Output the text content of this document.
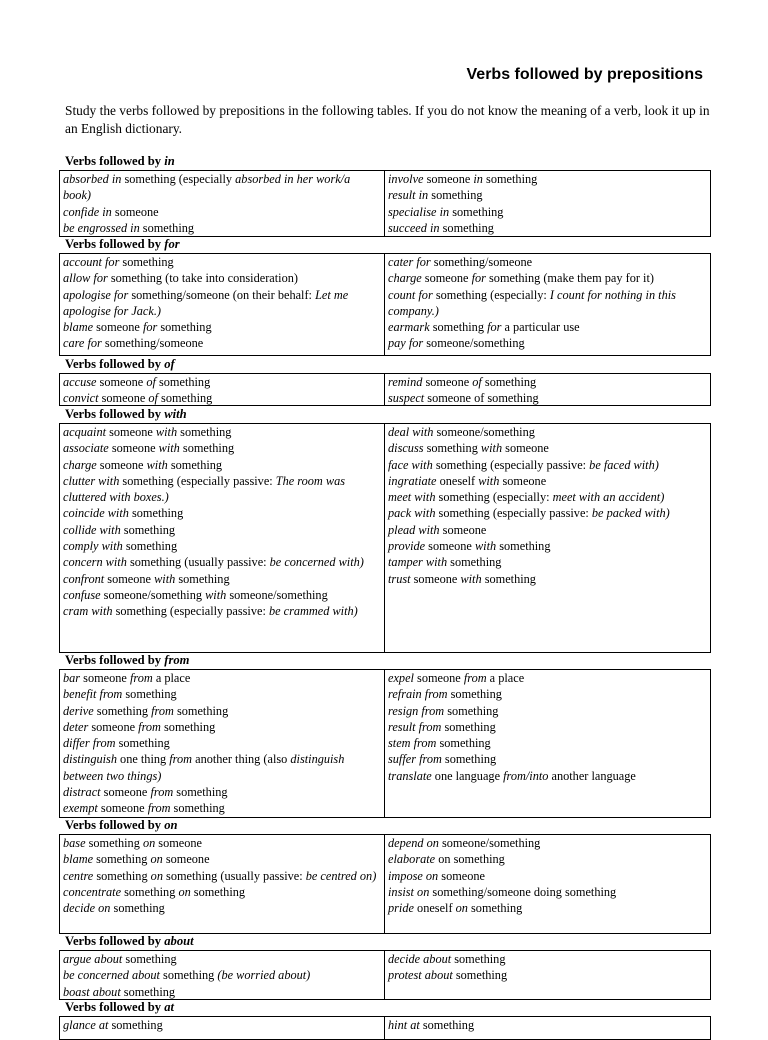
Verbs followed by prepositions
Study the verbs followed by prepositions in the following tables. If you do not know the meaning of a verb, look it up in an English dictionary.
Verbs followed by in
absorbed in something (especially absorbed in her work/a book)
confide in someone
be engrossed in something
involve someone in something
result in something
specialise in something
succeed in something
Verbs followed by for
account for something
allow for something (to take into consideration)
apologise for something/someone (on their behalf: Let me apologise for Jack.)
blame someone for something
care for something/someone
cater for something/someone
charge someone for something (make them pay for it)
count for something (especially: I count for nothing in this company.)
earmark something for a particular use
pay for someone/something
Verbs followed by of
accuse someone of something
convict someone of something
remind someone of something
suspect someone of something
Verbs followed by with
acquaint someone with something
associate someone with something
charge someone with something
clutter with something (especially passive: The room was cluttered with boxes.)
coincide with something
collide with something
comply with something
concern with something (usually passive: be concerned with)
confront someone with something
confuse someone/something with someone/something
cram with something (especially passive: be crammed with)
deal with someone/something
discuss something with someone
face with something (especially passive: be faced with)
ingratiate oneself with someone
meet with something (especially: meet with an accident)
pack with something (especially passive: be packed with)
plead with someone
provide someone with something
tamper with something
trust someone with something
Verbs followed by from
bar someone from a place
benefit from something
derive something from something
deter someone from something
differ from something
distinguish one thing from another thing (also distinguish between two things)
distract someone from something
exempt someone from something
expel someone from a place
refrain from something
resign from something
result from something
stem from something
suffer from something
translate one language from/into another language
Verbs followed by on
base something on someone
blame something on someone
centre something on something (usually passive: be centred on)
concentrate something on something
decide on something
depend on someone/something
elaborate on something
impose on someone
insist on something/someone doing something
pride oneself on something
Verbs followed by about
argue about something
be concerned about something (be worried about)
boast about something
decide about something
protest about something
Verbs followed by at
glance at something	hint at something
